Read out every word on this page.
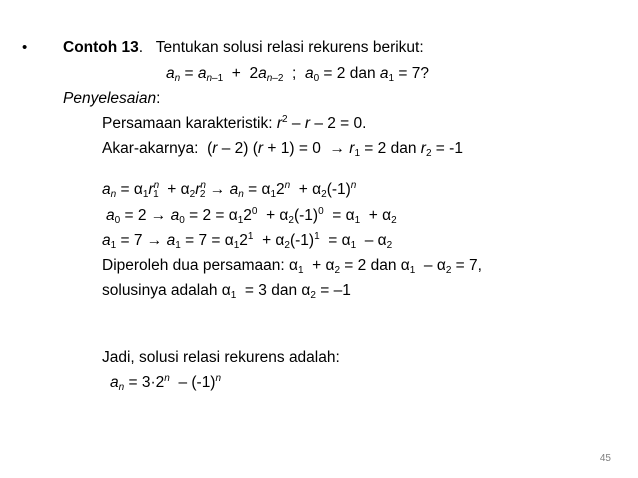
• Contoh 13.   Tentukan solusi relasi rekurens berikut:
$a_n = a_{n-1} + 2a_{n-2}$  ;  $a_0 = 2$ dan $a_1 = 7$?
Penyelesaian:
Persamaan karakteristik: $r^2 - r - 2 = 0$.
Akar-akarnya:  (r – 2) $(r + 1) = 0 \to r_1 = 2$ dan $r_2 = -1$
$a_n = \alpha_1r^n_1 + \alpha_2r^n_2 \to a_n = \alpha_12^n + \alpha_2(-1)^n$
$a_0 = 2 \to a_0 = 2 = \alpha_12^0 + \alpha_2(-1)^0 = \alpha_1 + \alpha_2$
$a_1 = 7 \to a_1 = 7 = \alpha_12^1 + \alpha_2(-1)^1 = \alpha_1 - \alpha_2$
Diperoleh dua persamaan: $\alpha_1 + \alpha_2 = 2$ dan $\alpha_1 - \alpha_2 = 7$,
solusinya adalah $\alpha_1 = 3$ dan $\alpha_2 = -1$
Jadi, solusi relasi rekurens adalah:
$a_n = 3\cdot 2^n - (-1)^n$
45
